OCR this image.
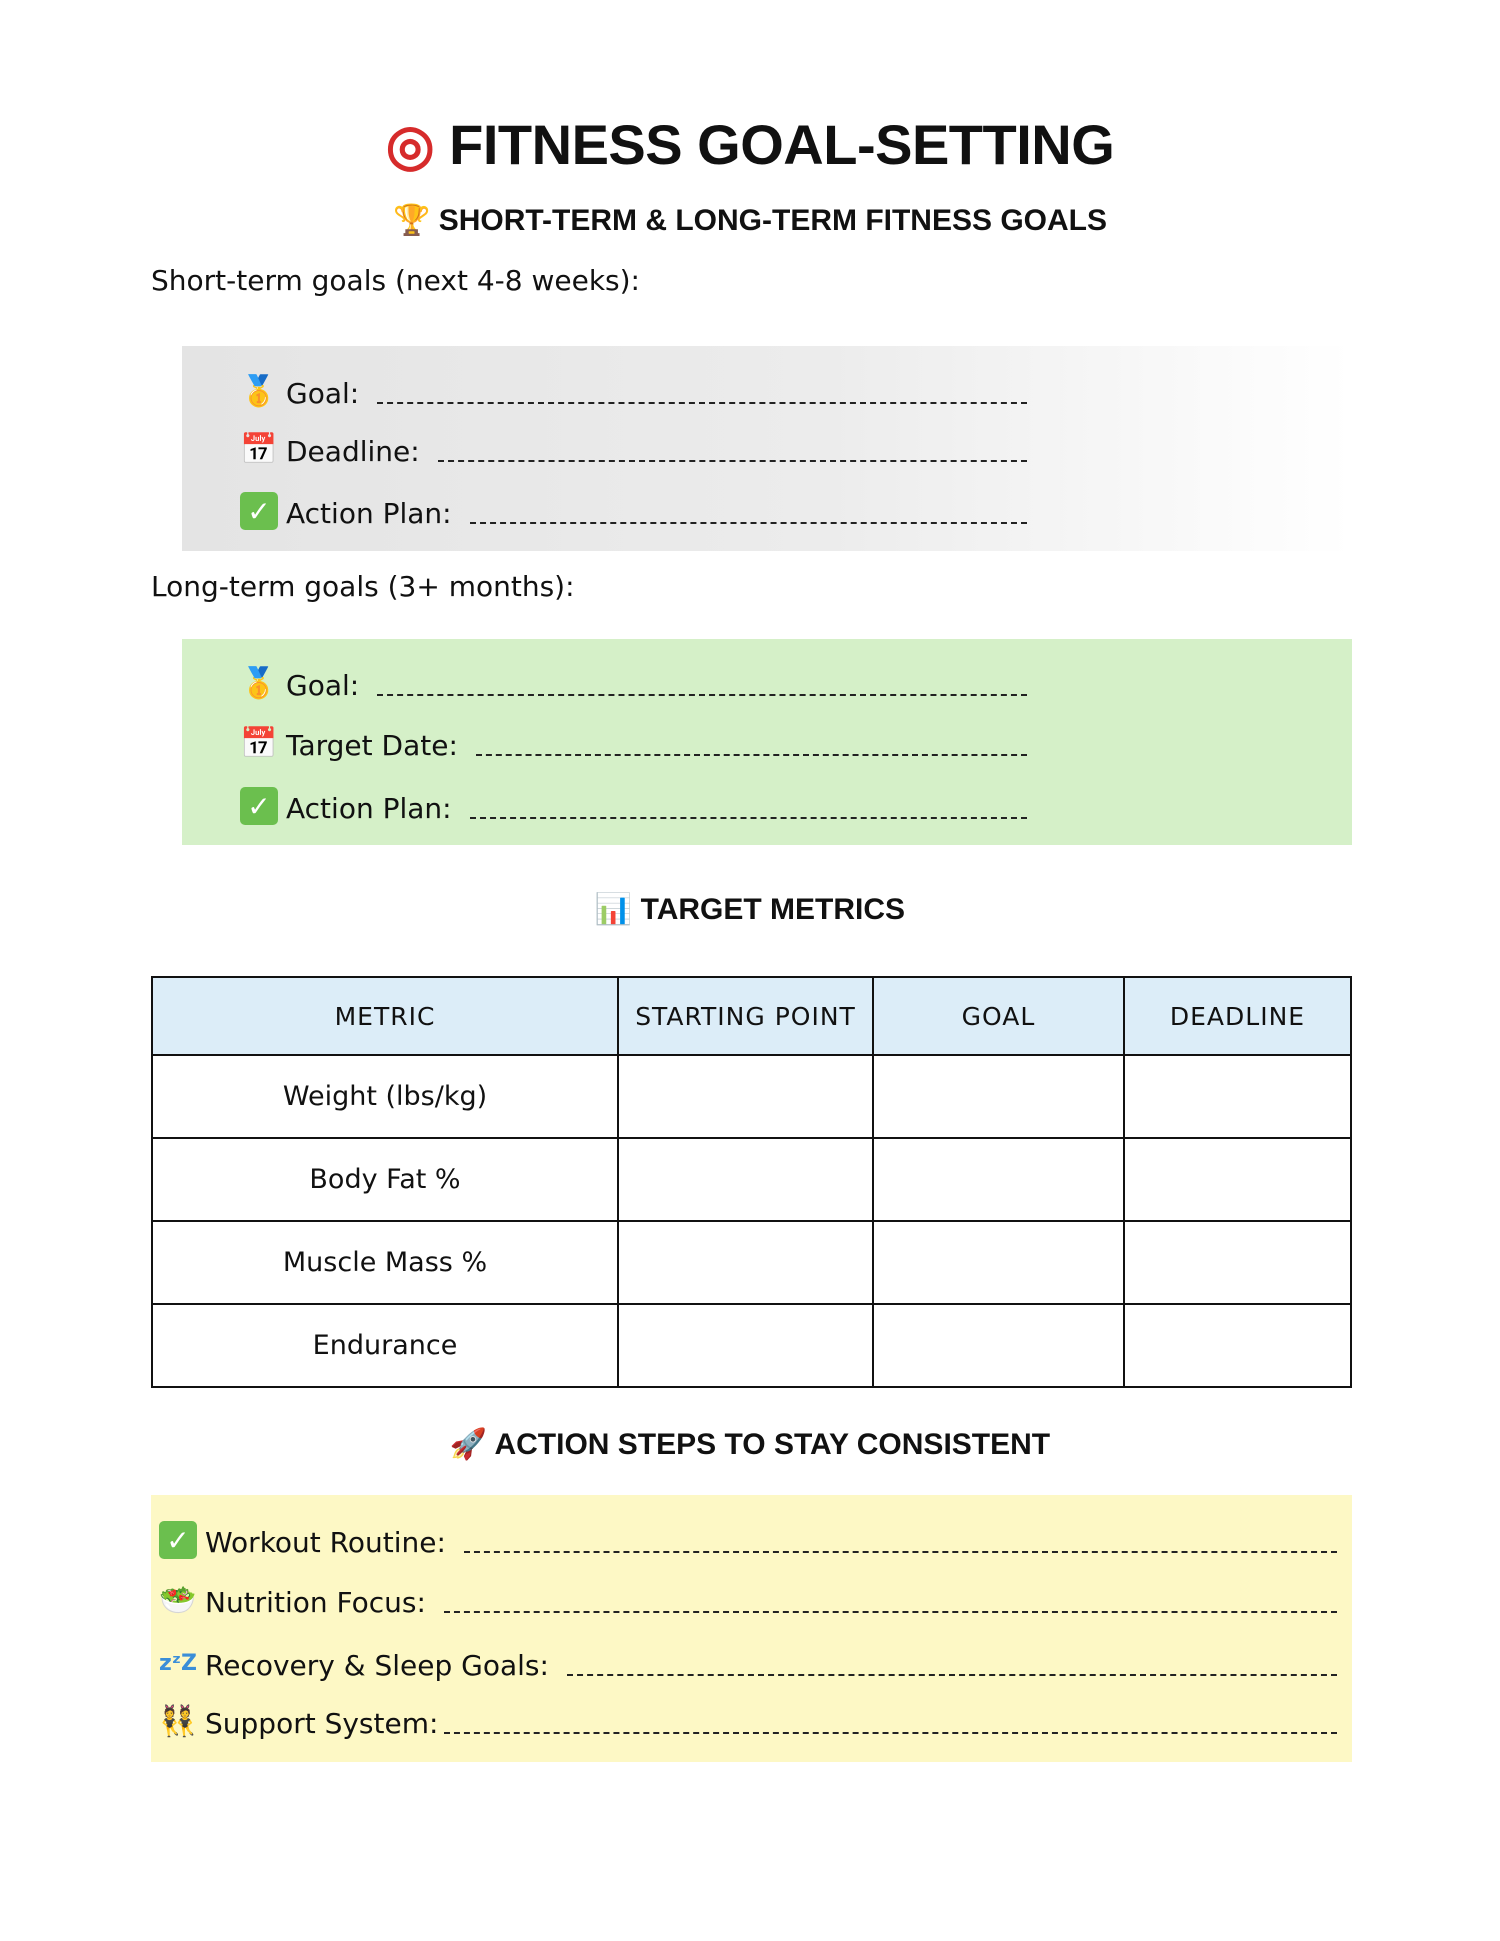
◎ FITNESS GOAL-SETTING
🏆 SHORT-TERM & LONG-TERM FITNESS GOALS
Short-term goals (next 4-8 weeks):
🥇 Goal:
📅 Deadline:
✓ Action Plan:
Long-term goals (3+ months):
🥇 Goal:
📅 Target Date:
✓ Action Plan:
📊 TARGET METRICS
METRIC	STARTING POINT	GOAL	DEADLINE
Weight (lbs/kg)			
Body Fat %			
Muscle Mass %			
Endurance			
🚀 ACTION STEPS TO STAY CONSISTENT
✓ Workout Routine:
🥗 Nutrition Focus:
zᶻZ Recovery & Sleep Goals:
👯 Support System:
